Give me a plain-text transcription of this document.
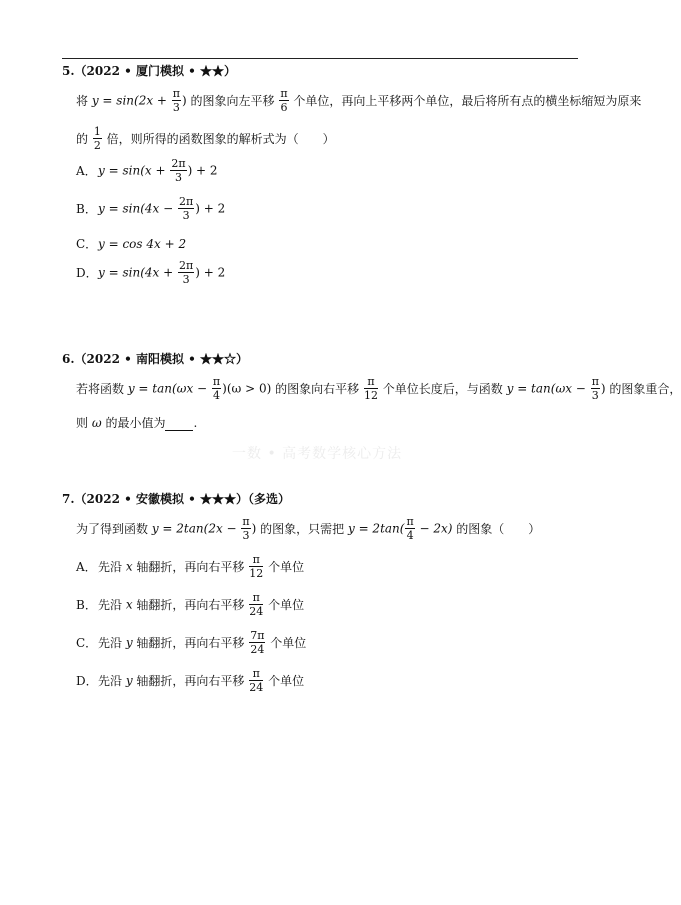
5.（2022 • 厦门模拟 • ★★）
将 $y = \sin(2x + \frac{\pi}{3}$ ) 的图象向左平移 $\frac{\pi}{6}$ 个单位，再向上平移两个单位，最后将所有点的横坐标缩短为原来
的 $\frac{1}{2}$ 倍，则所得的函数图象的解析式为（　　）
A．$y = \sin(x + \frac{2\pi}{3}$ ) + 2
B．$y = \sin(4x - \frac{2\pi}{3}$ ) + 2
C．y = cos 4x + 2
D．$y = \sin(4x + \frac{2\pi}{3}$ ) + 2
6.（2022 • 南阳模拟 • ★★☆）
若将函数 $y = \tan(\omega x - \frac{\pi}{4} )(\omega > 0)$ 的图象向右平移 $\frac{\pi}{12}$ 个单位长度后，与函数 $y = \tan(\omega x - \frac{\pi}{3}$ ) 的图象重合，
则 ω 的最小值为 .
一数 • 高考数学核心方法
7.（2022 • 安徽模拟 • ★★★）（多选）
为了得到函数 $y = 2\tan(2x - \frac{\pi}{3}$ ) 的图象，只需把 $y = 2\tan( \frac{\pi}{4} - 2x)$ 的图象（　　）
A．先沿 x 轴翻折，再向右平移 $\frac{\pi}{12}$ 个单位
B．先沿 x 轴翻折，再向右平移 $\frac{\pi}{24}$ 个单位
C．先沿 y 轴翻折，再向右平移 $\frac{7\pi}{24}$ 个单位
D．先沿 y 轴翻折，再向右平移 $\frac{\pi}{24}$ 个单位
